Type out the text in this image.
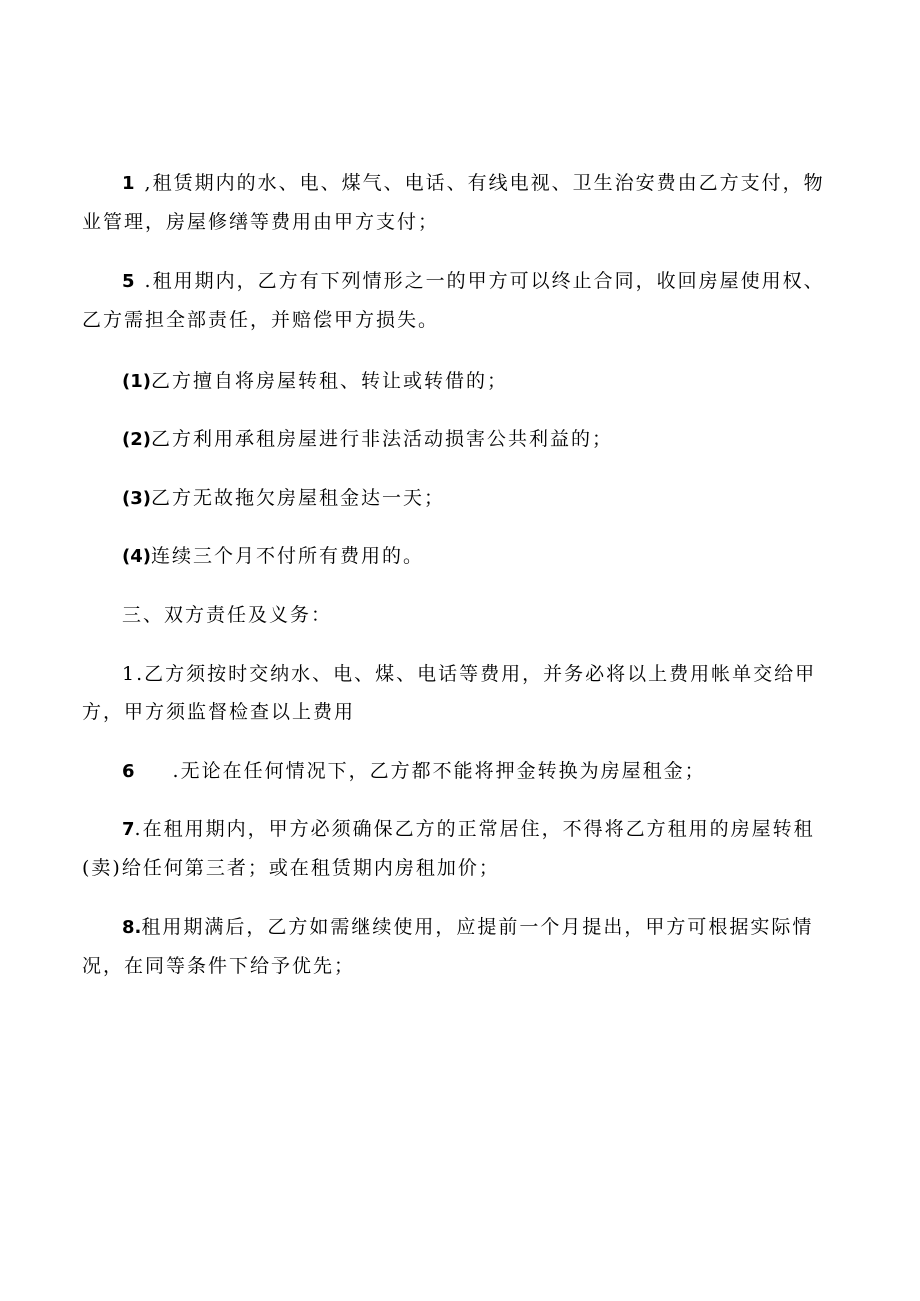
1 ,租赁期内的水、电、煤气、电话、有线电视、卫生治安费由乙方支付，物业管理，房屋修缮等费用由甲方支付；

5 .租用期内，乙方有下列情形之一的甲方可以终止合同，收回房屋使用权、乙方需担全部责任，并赔偿甲方损失。

(1)乙方擅自将房屋转租、转让或转借的；

(2)乙方利用承租房屋进行非法活动损害公共利益的；

(3)乙方无故拖欠房屋租金达一天；

(4)连续三个月不付所有费用的。

三、双方责任及义务：

1.乙方须按时交纳水、电、煤、电话等费用，并务必将以上费用帐单交给甲方，甲方须监督检查以上费用

6 .无论在任何情况下，乙方都不能将押金转换为房屋租金；

7.在租用期内，甲方必须确保乙方的正常居住，不得将乙方租用的房屋转租(卖)给任何第三者；或在租赁期内房租加价；

8.租用期满后，乙方如需继续使用，应提前一个月提出，甲方可根据实际情况，在同等条件下给予优先；
